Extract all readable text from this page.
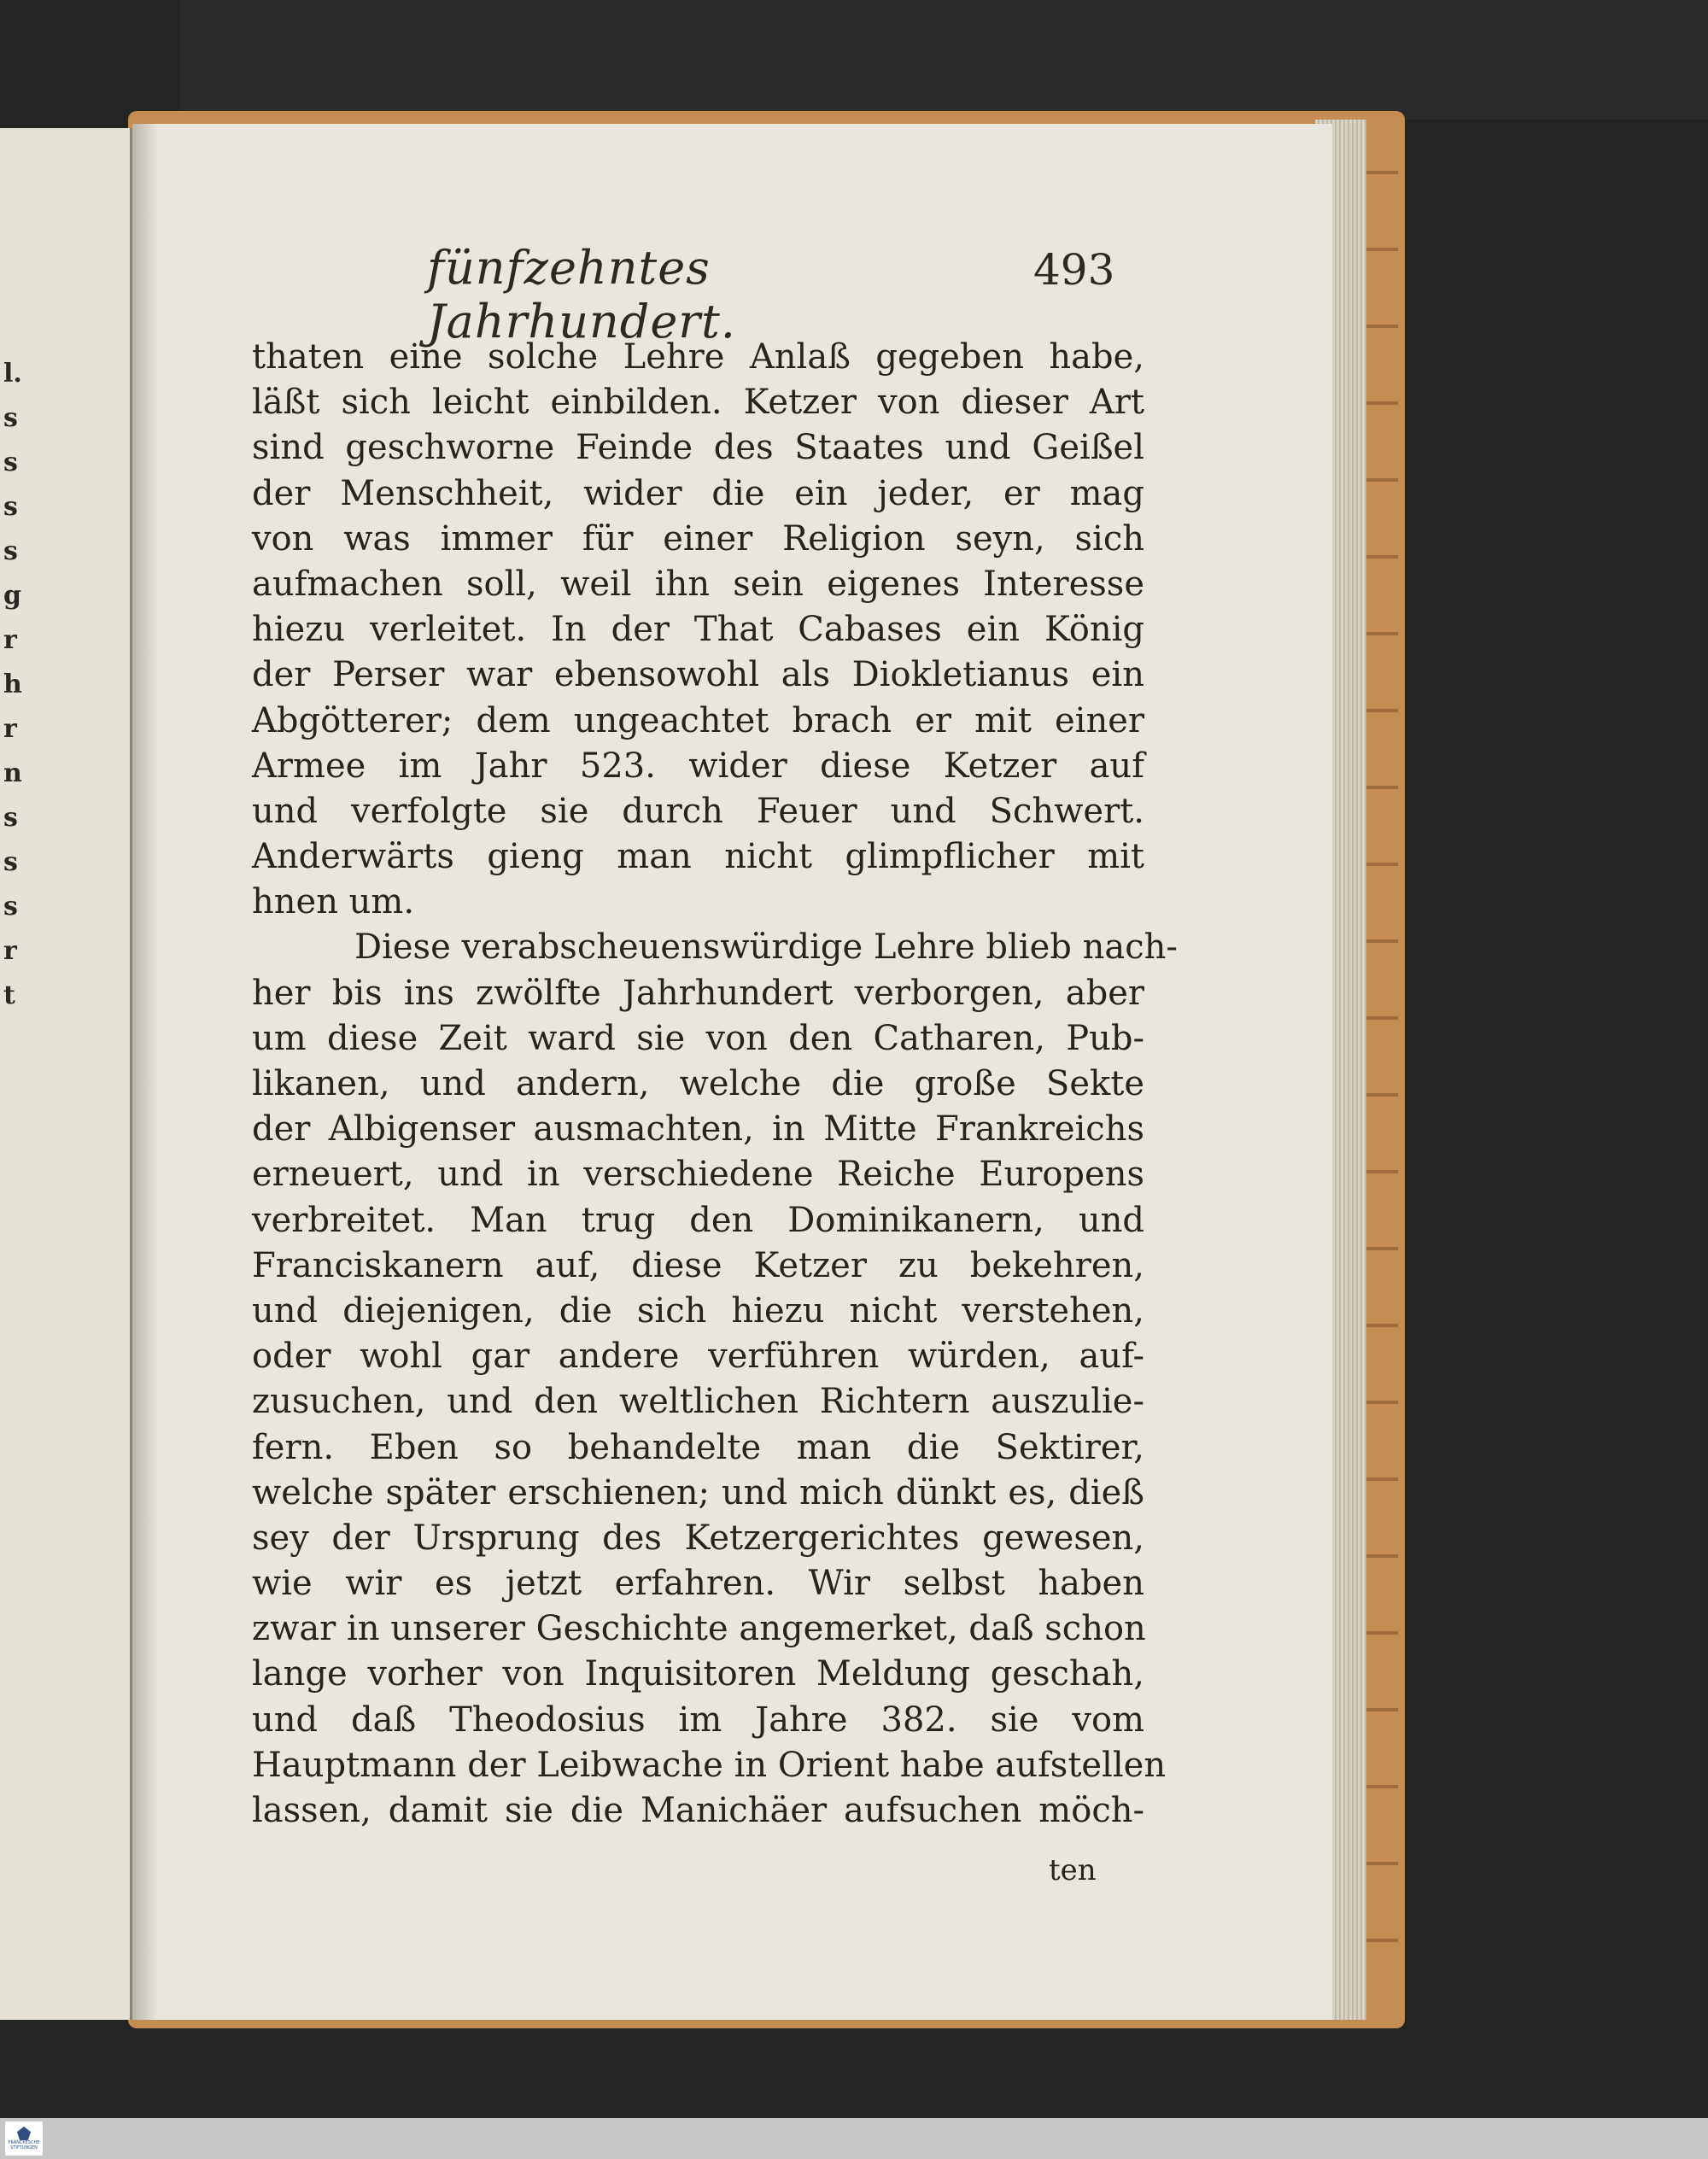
l.
s
s
s
s
g
r
h
r
n
s
s
s
r
t
fünfzehntes Jahrhundert.
493
thaten eine solche Lehre Anlaß gegeben habe,
läßt sich leicht einbilden. Ketzer von dieser Art
sind geschworne Feinde des Staates und Geißel
der Menschheit, wider die ein jeder, er mag
von was immer für einer Religion seyn, sich
aufmachen soll, weil ihn sein eigenes Interesse
hiezu verleitet. In der That Cabases ein König
der Perser war ebensowohl als Diokletianus ein
Abgötterer; dem ungeachtet brach er mit einer
Armee im Jahr 523. wider diese Ketzer auf
und verfolgte sie durch Feuer und Schwert.
Anderwärts gieng man nicht glimpflicher mit
hnen um.
Diese verabscheuenswürdige Lehre blieb nach-
her bis ins zwölfte Jahrhundert verborgen, aber
um diese Zeit ward sie von den Catharen, Pub-
likanen, und andern, welche die große Sekte
der Albigenser ausmachten, in Mitte Frankreichs
erneuert, und in verschiedene Reiche Europens
verbreitet. Man trug den Dominikanern, und
Franciskanern auf, diese Ketzer zu bekehren,
und diejenigen, die sich hiezu nicht verstehen,
oder wohl gar andere verführen würden, auf-
zusuchen, und den weltlichen Richtern auszulie-
fern. Eben so behandelte man die Sektirer,
welche später erschienen; und mich dünkt es, dieß
sey der Ursprung des Ketzergerichtes gewesen,
wie wir es jetzt erfahren. Wir selbst haben
zwar in unserer Geschichte angemerket, daß schon
lange vorher von Inquisitoren Meldung geschah,
und daß Theodosius im Jahre 382. sie vom
Hauptmann der Leibwache in Orient habe aufstellen
lassen, damit sie die Manichäer aufsuchen möch-
ten
FRANCKESCHE STIFTUNGEN
